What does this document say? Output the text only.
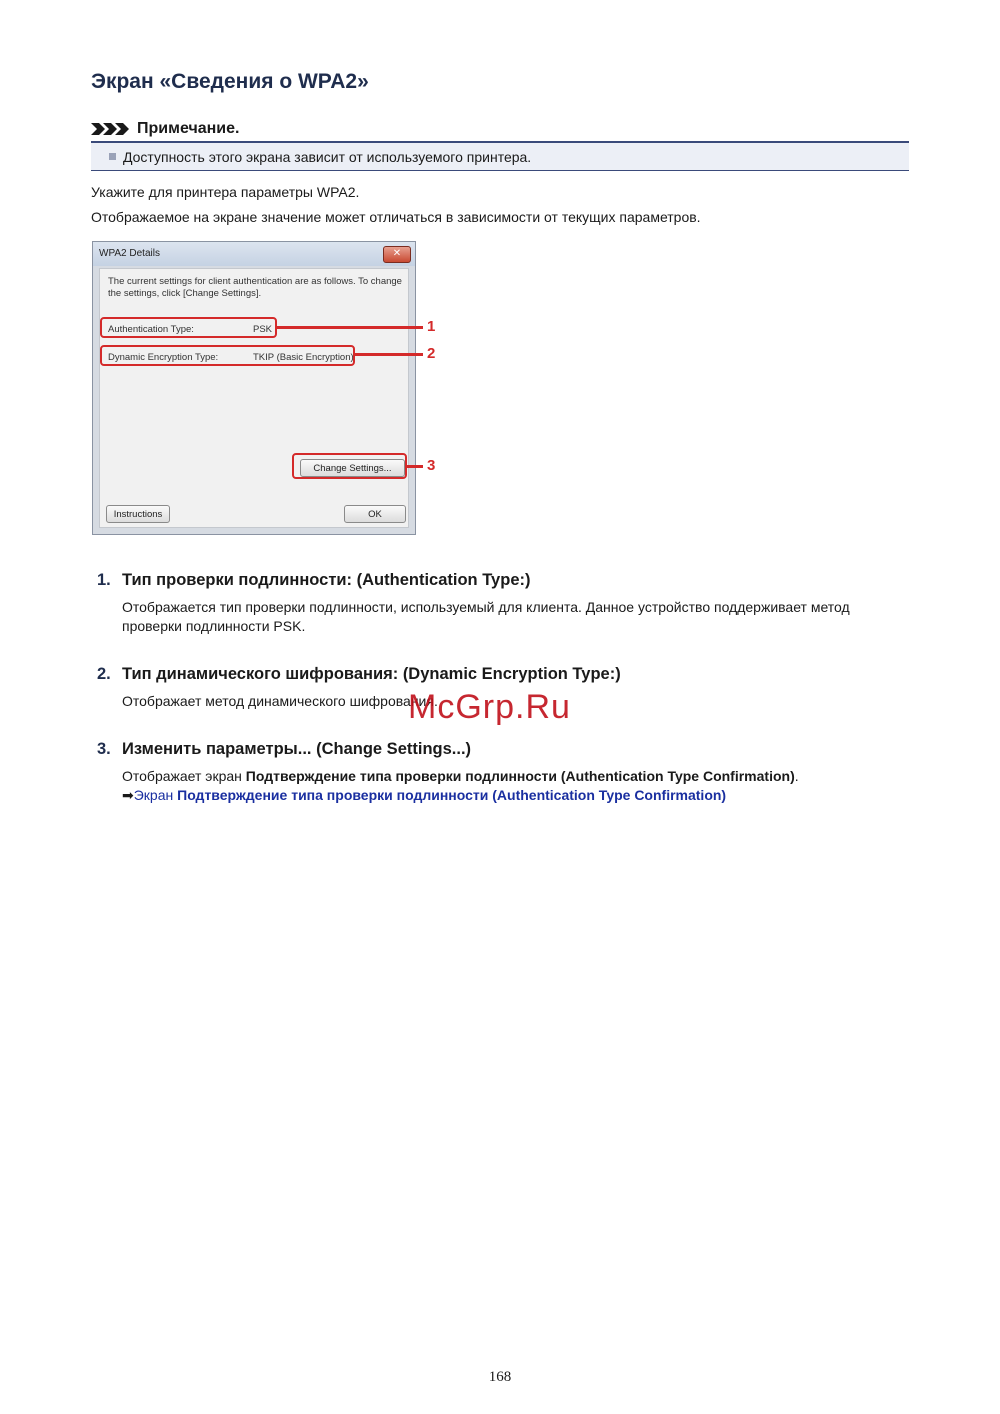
Экран «Сведения о WPA2»
Примечание.
Доступность этого экрана зависит от используемого принтера.

Укажите для принтера параметры WPA2.

Отображаемое на экране значение может отличаться в зависимости от текущих параметров.

WPA2 Details	✕
The current settings for client authentication are as follows. To change the settings, click [Change Settings].
Authentication Type:	PSK
Dynamic Encryption Type:	TKIP (Basic Encryption)
Change Settings...
Instructions	OK
1
2
3
1. Тип проверки подлинности: (Authentication Type:)
Отображается тип проверки подлинности, используемый для клиента. Данное устройство поддерживает метод проверки подлинности PSK.
2. Тип динамического шифрования: (Dynamic Encryption Type:)
Отображает метод динамического шифрования.
3. Изменить параметры... (Change Settings...)
Отображает экран Подтверждение типа проверки подлинности (Authentication Type Confirmation).
➡Экран Подтверждение типа проверки подлинности (Authentication Type Confirmation)
McGrp.Ru
168
